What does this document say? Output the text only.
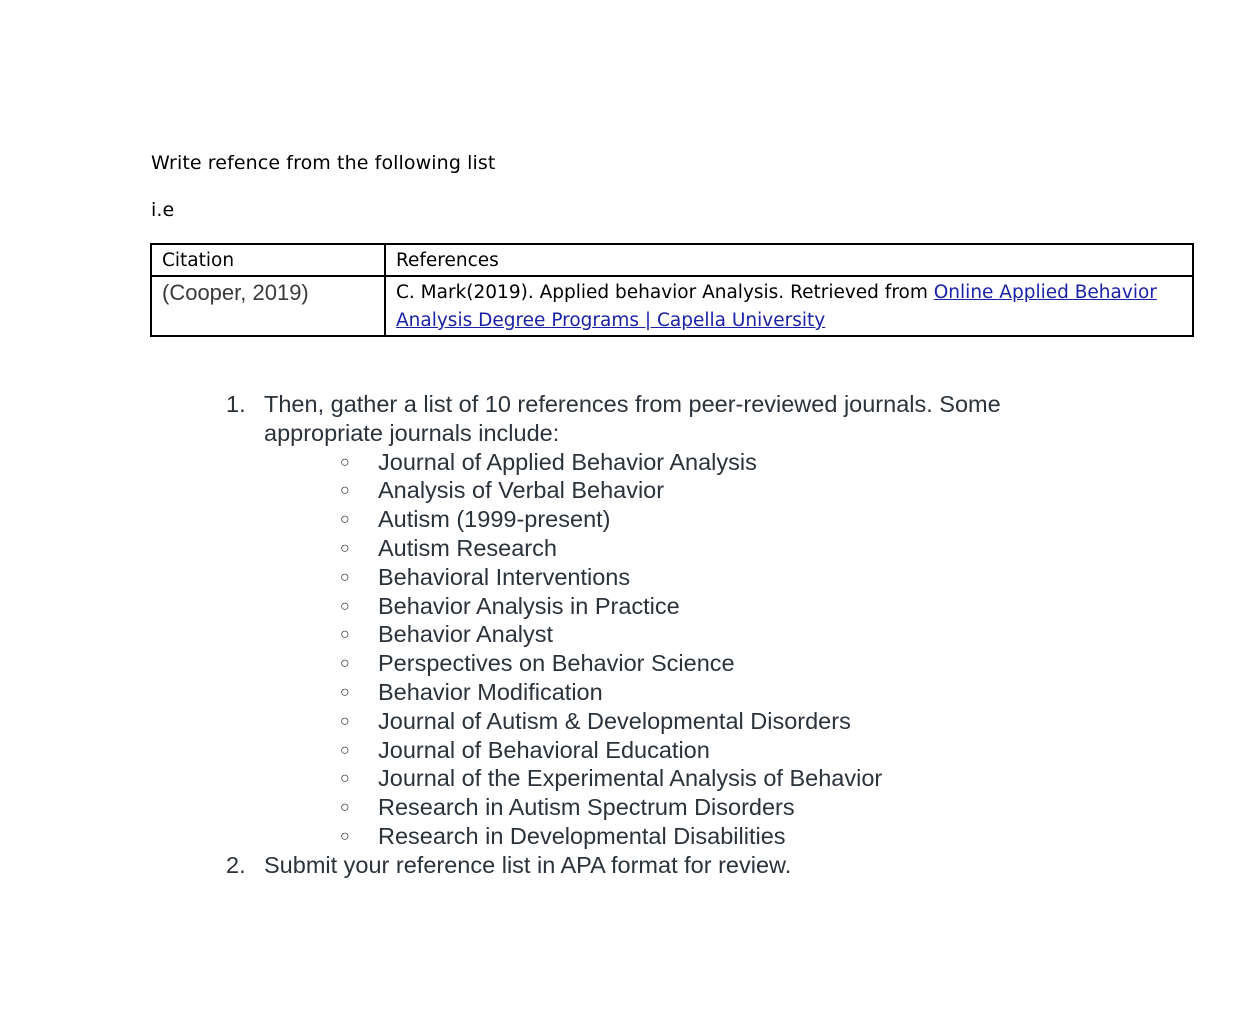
Write refence from the following list
i.e
Citation	References
(Cooper, 2019)	C. Mark(2019). Applied behavior Analysis. Retrieved from Online Applied Behavior Analysis Degree Programs | Capella University
1. Then, gather a list of 10 references from peer-reviewed journals. Some appropriate journals include:
○ Journal of Applied Behavior Analysis
○ Analysis of Verbal Behavior
○ Autism (1999-present)
○ Autism Research
○ Behavioral Interventions
○ Behavior Analysis in Practice
○ Behavior Analyst
○ Perspectives on Behavior Science
○ Behavior Modification
○ Journal of Autism & Developmental Disorders
○ Journal of Behavioral Education
○ Journal of the Experimental Analysis of Behavior
○ Research in Autism Spectrum Disorders
○ Research in Developmental Disabilities
2. Submit your reference list in APA format for review.
